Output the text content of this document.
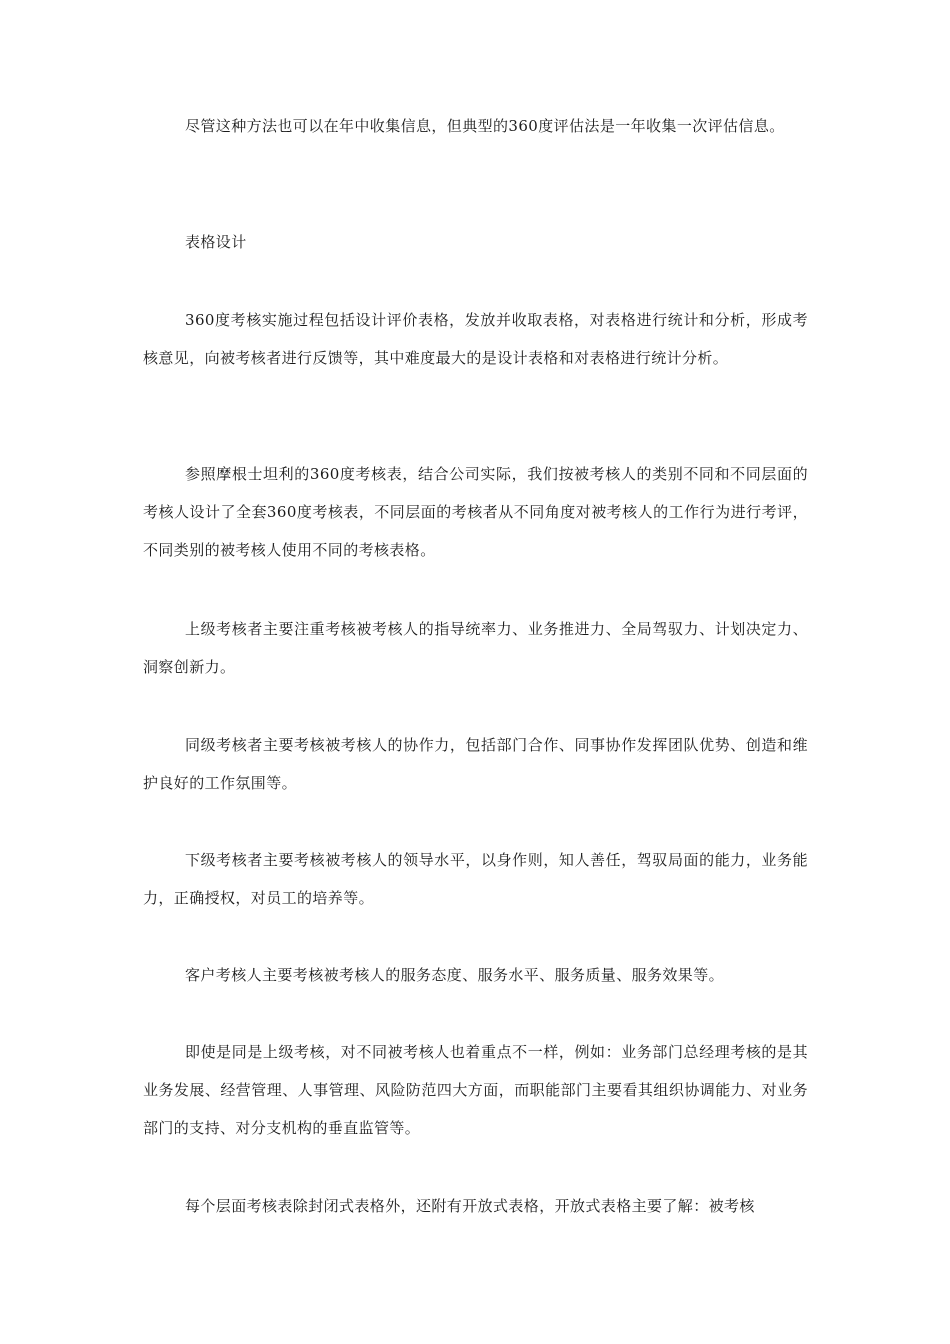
尽管这种方法也可以在年中收集信息，但典型的360度评估法是一年收集一次评估信息。

表格设计

360度考核实施过程包括设计评价表格，发放并收取表格，对表格进行统计和分析，形成考核意见，向被考核者进行反馈等，其中难度最大的是设计表格和对表格进行统计分析。

参照摩根士坦利的360度考核表，结合公司实际，我们按被考核人的类别不同和不同层面的考核人设计了全套360度考核表，不同层面的考核者从不同角度对被考核人的工作行为进行考评，不同类别的被考核人使用不同的考核表格。

上级考核者主要注重考核被考核人的指导统率力、业务推进力、全局驾驭力、计划决定力、洞察创新力。

同级考核者主要考核被考核人的协作力，包括部门合作、同事协作发挥团队优势、创造和维护良好的工作氛围等。

下级考核者主要考核被考核人的领导水平，以身作则，知人善任，驾驭局面的能力，业务能力，正确授权，对员工的培养等。

客户考核人主要考核被考核人的服务态度、服务水平、服务质量、服务效果等。

即使是同是上级考核，对不同被考核人也着重点不一样，例如：业务部门总经理考核的是其业务发展、经营管理、人事管理、风险防范四大方面，而职能部门主要看其组织协调能力、对业务部门的支持、对分支机构的垂直监管等。

每个层面考核表除封闭式表格外，还附有开放式表格，开放式表格主要了解：被考核
